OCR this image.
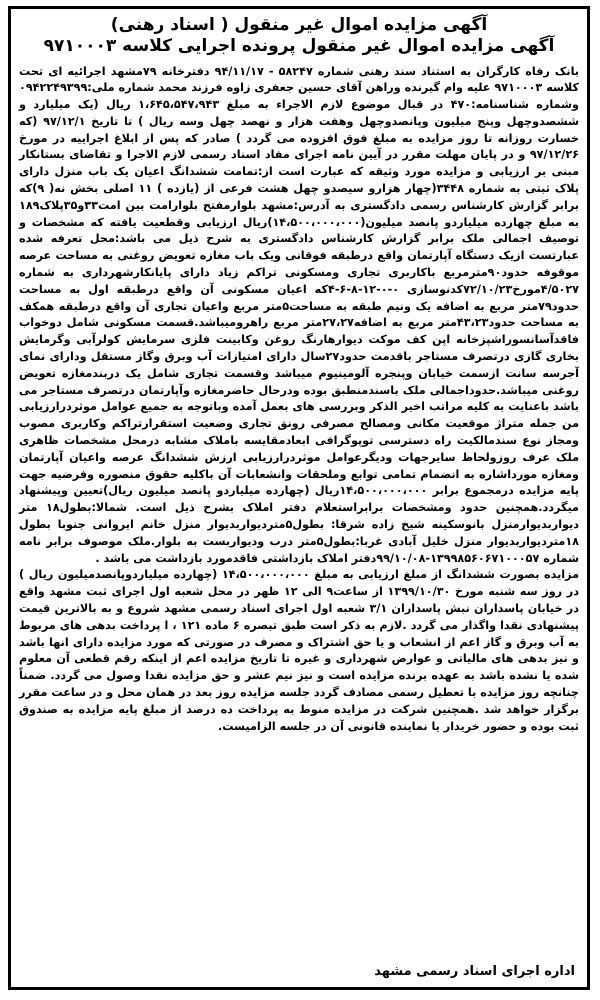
آگهی مزایده اموال غیر منقول ( اسناد رهنی)
آگهی مزایده اموال غیر منقول پرونده اجرایی کلاسه ۹۷۱۰۰۰۳

بانک رفاه کارگران به استناد سند رهنی شماره ۵۸۲۴۷ - ۹۴/۱۱/۱۷ دفترخانه ۷۹مشهد اجرائیه ای تحت کلاسه ۹۷۱۰۰۰۳ علیه وام گیرنده وراهن آقای حسین جعفری زاوه فرزند محمد شماره ملی:۰۹۴۲۲۴۹۳۹۹ وشماره شناسنامه:۴۷۰ در قبال موضوع لازم الاجراء به مبلغ ۱،۶۴۵،۵۴۷،۹۴۳ ریال (یک میلیارد و ششصدوچهل وپنج میلیون وپانصدوچهل وهفت هزار و نهصد چهل وسه ریال ) تا تاریخ ۹۷/۱۲/۱ (که خسارت روزانه تا روز مزایده به مبلغ فوق افزوده می گردد ) صادر که پس از ابلاغ اجراییه در مورخ ۹۷/۱۲/۲۶ و در پایان مهلت مقرر در آیین نامه اجرای مفاد اسناد رسمی لازم الاجرا و تقاضای بستانکار مبنی بر ارزیابی و مزایده مورد وثیقه که عبارت است از:تمامت ششدانگ اعیان یک باب منزل دارای پلاک ثبتی به شماره ۳۴۴۸(چهار هزارو سیصدو چهل هشت فرعی از (یازده ) ۱۱ اصلی بخش نه( ۹)که برابر گزارش کارشناس رسمی دادگستری به آدرس:مشهد بلوارمفتح بلوارامت بین امت۳۳و۳۵پلاک۱۸۹ به مبلغ چهارده میلیاردو پانصد میلیون(۱۴،۵۰۰،۰۰۰،۰۰۰)ریال ارزیابی وقطعیت یافته که مشخصات و توصیف اجمالی ملک برابر گزارش کارشناس دادگستری به شرح ذیل می باشد:محل تعرفه شده عبارتست ازیک دستگاه آپارتمان واقع درطبقه فوقانی ویک باب مغازه تعویض روغنی به مساحت عرصه موقوفه حدود۹۰مترمربع باکاربری تجاری ومسکونی تراکم زیاد دارای پایانکارشهرداری به شماره ۴/۵۰۲۷مورخ۷۲/۱۰/۲۳کدنوسازی ۰-۰-۱۲-۸-۶-۴که اعیان مسکونی آن واقع درطبقه اول به مساحت حدود۷۹متر مربع به اضافه یک ونیم طبقه به مساحت۵متر مربع واعیان تجاری آن واقع درطبقه همکف به مساحت حدود۴۳،۲۳متر مربع به اضافه۲۷،۲۷متر مربع راهرومیباشد.قسمت مسکونی شامل دوخواب فاقدآسانسوراشپزخانه اپن کف موکت دیوارهارنگ روغن وکابینت فلزی سرمایش کولرآبی وگرمایش بخاری گازی درتصرف مستاجر باقدمت حدود۲۷سال دارای امتیازات آب وبرق وگاز مستقل ودارای نمای آجرسه سانت ازسمت خیابان وپنجره آلومینیوم میباشد وقسمت تجاری شامل یک دربندمغازه تعویض روغنی میباشد.حدوداجمالی ملک باسندمنطبق بوده ودرحال حاضرمغازه وآپارتمان درتصرف مستاجر می باشد باعنایت به کلیه مراتب اخیر الذکر وبررسی های بعمل آمده وباتوجه به جمیع عوامل موثردرارزیابی من جمله متراژ موقعیت مکانی ومصالح مصرفی رونق تجاری وضعیت استقرارتراکم وکاربری مصوب ومجاز نوع سندمالکیت راه دسترسی توپوگرافی ابعادمقایسه باملاک مشابه درمحل مشخصات ظاهری ملک عرف روزولحاظ سایرجهات ودیگرعوامل موثردرارزیابی ارزش ششدانگ عرصه واعیان آپارتمان ومغازه مورداشاره به انضمام تمامی توابع وملحقات وانشعابات آن باکلیه حقوق منصوره وفرضیه جهت پایه مزایده درمجموع برابر ۱۴،۵۰۰،۰۰۰،۰۰۰ریال (چهارده میلیاردو پانصد میلیون ریال)تعیین وپیشنهاد میگردد.همچنین حدود ومشخصات برابراستعلام دفتر املاک بشرح ذیل است. شمالا:بطول۱۸ متر دیواربدیوارمنزل بانوسکینه شیخ زاده شرقا: بطول۵متردیواربدیوار منزل خانم ایروانی جنوبا بطول ۱۸متردیواربدیوار منزل خلیل آبادی غربا:بطول۵متر درب ودیواربست به بلوار.ملک موصوف برابر نامه شماره ۱۳۹۹۸۵۶۰۶۷۱۰۰۰۵۷-۹۹/۱۰/۰۸دفتر املاک بازداشتی فاقدمورد بازداشت می باشد .

مزایده بصورت ششدانگ از مبلغ ارزیابی به مبلغ ۱۴،۵۰۰،۰۰۰،۰۰۰ (چهارده میلیاردوپانصدمیلیون ریال ) در روز سه شنبه مورخ ۱۳۹۹/۱۰/۳۰ از ساعت۹ الی ۱۲ ظهر در محل شعبه اول اجرای ثبت مشهد واقع در خیابان پاسداران نبش پاسداران ۳/۱ شعبه اول اجرای اسناد رسمی مشهد شروع و به بالاترین قیمت پیشنهادی نقدا واگذار می گردد .لازم به ذکر است طبق تبصره ۶ ماده ۱۲۱ ، ا پرداخت بدهی های مربوط به آب وبرق و گاز اعم از انشعاب و یا حق اشتراک و مصرف در صورتی که مورد مزایده دارای انها باشد و نیز بدهی های مالیاتی و عوارض شهرداری و غیره تا تاریخ مزایده اعم از اینکه رقم قطعی آن معلوم شده یا نشده باشد به عهده برنده مزایده است و نیز نیم عشر و حق مزایده نقدا وصول می گردد. ضمناً چنانچه روز مزایده با تعطیل رسمی مصادف گردد جلسه مزایده روز بعد در همان محل و در ساعت مقرر برگزار خواهد شد .همچنین شرکت در مزایده منوط به پرداخت ده درصد از مبلغ پایه مزایده به صندوق ثبت بوده و حضور خریدار یا نماینده قانونی آن در جلسه الزامیست.

اداره اجرای اسناد رسمی مشهد
